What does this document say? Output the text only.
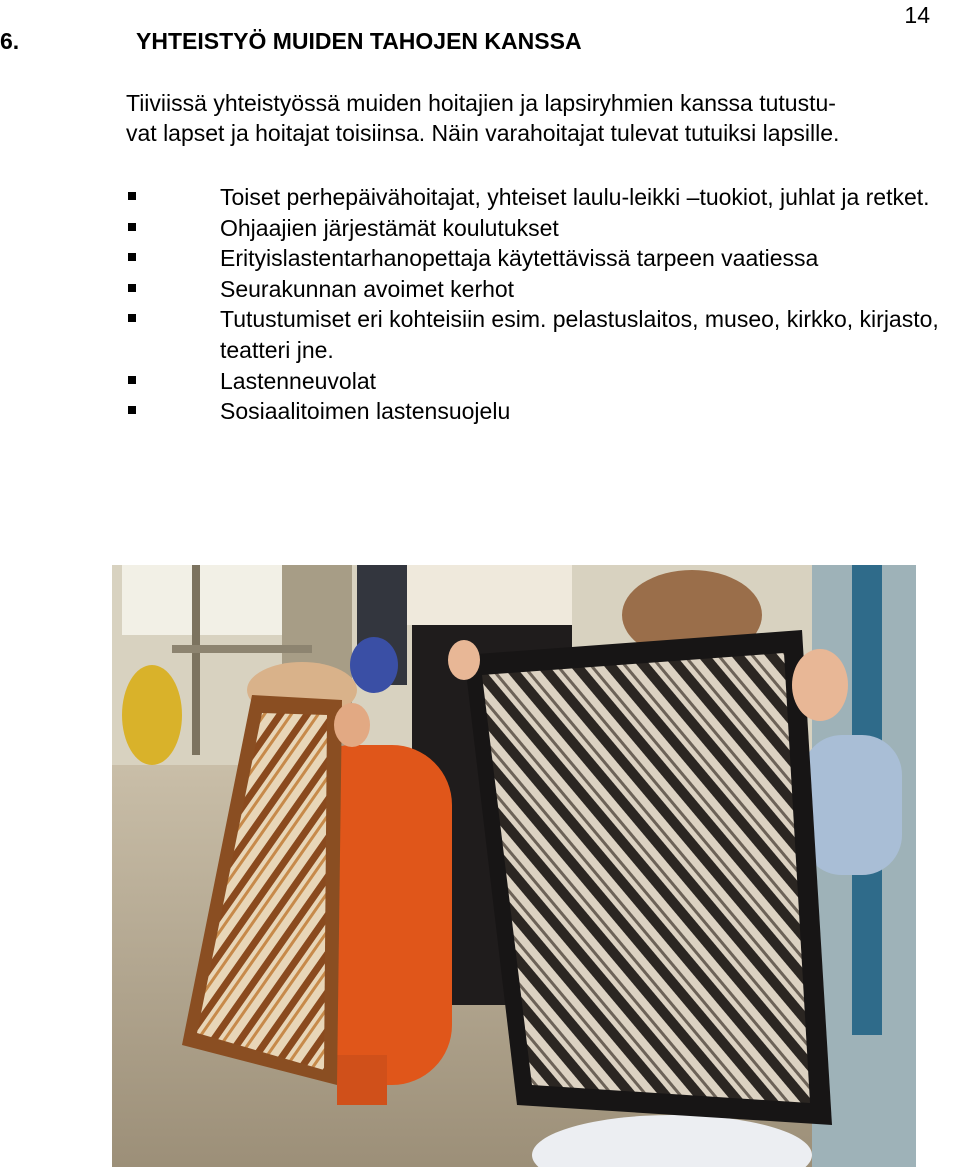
14
6.	YHTEISTYÖ MUIDEN TAHOJEN KANSSA

Tiiviissä yhteistyössä muiden hoitajien ja lapsiryhmien kanssa tutustu-

vat lapset ja hoitajat toisiinsa. Näin varahoitajat tulevat tutuiksi lapsille.

Toiset perhepäivähoitajat, yhteiset laulu-leikki –tuokiot, juhlat ja retket.
Ohjaajien järjestämät koulutukset
Erityislastentarhanopettaja käytettävissä tarpeen vaatiessa
Seurakunnan avoimet kerhot
Tutustumiset eri kohteisiin esim. pelastuslaitos, museo, kirkko, kirjasto, teatteri jne.
Lastenneuvolat
Sosiaalitoimen lastensuojelu
